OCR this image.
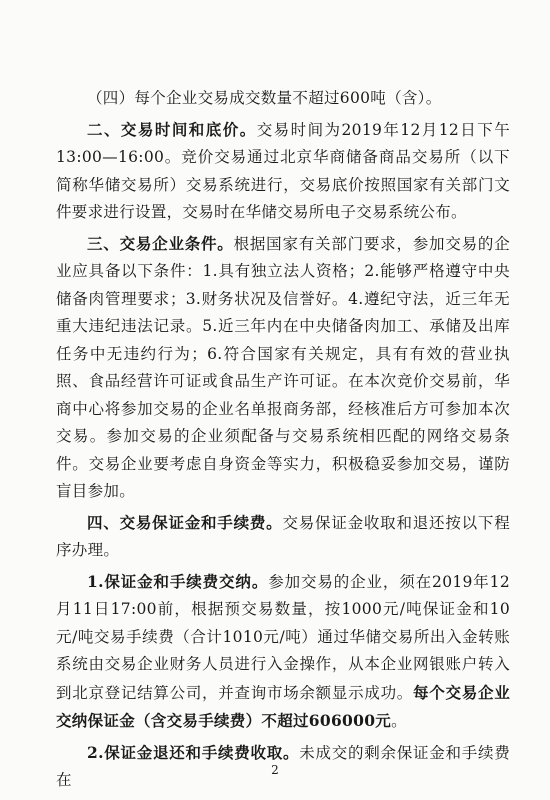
（四）每个企业交易成交数量不超过600吨（含）。

二、交易时间和底价。交易时间为2019年12月12日下午13:00—16:00。竞价交易通过北京华商储备商品交易所（以下简称华储交易所）交易系统进行，交易底价按照国家有关部门文件要求进行设置，交易时在华储交易所电子交易系统公布。

三、交易企业条件。根据国家有关部门要求，参加交易的企业应具备以下条件：1.具有独立法人资格；2.能够严格遵守中央储备肉管理要求；3.财务状况及信誉好。4.遵纪守法，近三年无重大违纪违法记录。5.近三年内在中央储备肉加工、承储及出库任务中无违约行为；6.符合国家有关规定，具有有效的营业执照、食品经营许可证或食品生产许可证。在本次竞价交易前，华商中心将参加交易的企业名单报商务部，经核准后方可参加本次交易。参加交易的企业须配备与交易系统相匹配的网络交易条件。交易企业要考虑自身资金等实力，积极稳妥参加交易，谨防盲目参加。

四、交易保证金和手续费。交易保证金收取和退还按以下程序办理。

1.保证金和手续费交纳。参加交易的企业，须在2019年12月11日17:00前，根据预交易数量，按1000元/吨保证金和10元/吨交易手续费（合计1010元/吨）通过华储交易所出入金转账系统由交易企业财务人员进行入金操作，从本企业网银账户转入到北京登记结算公司，并查询市场余额显示成功。每个交易企业交纳保证金（含交易手续费）不超过606000元。

2.保证金退还和手续费收取。未成交的剩余保证金和手续费在

2
